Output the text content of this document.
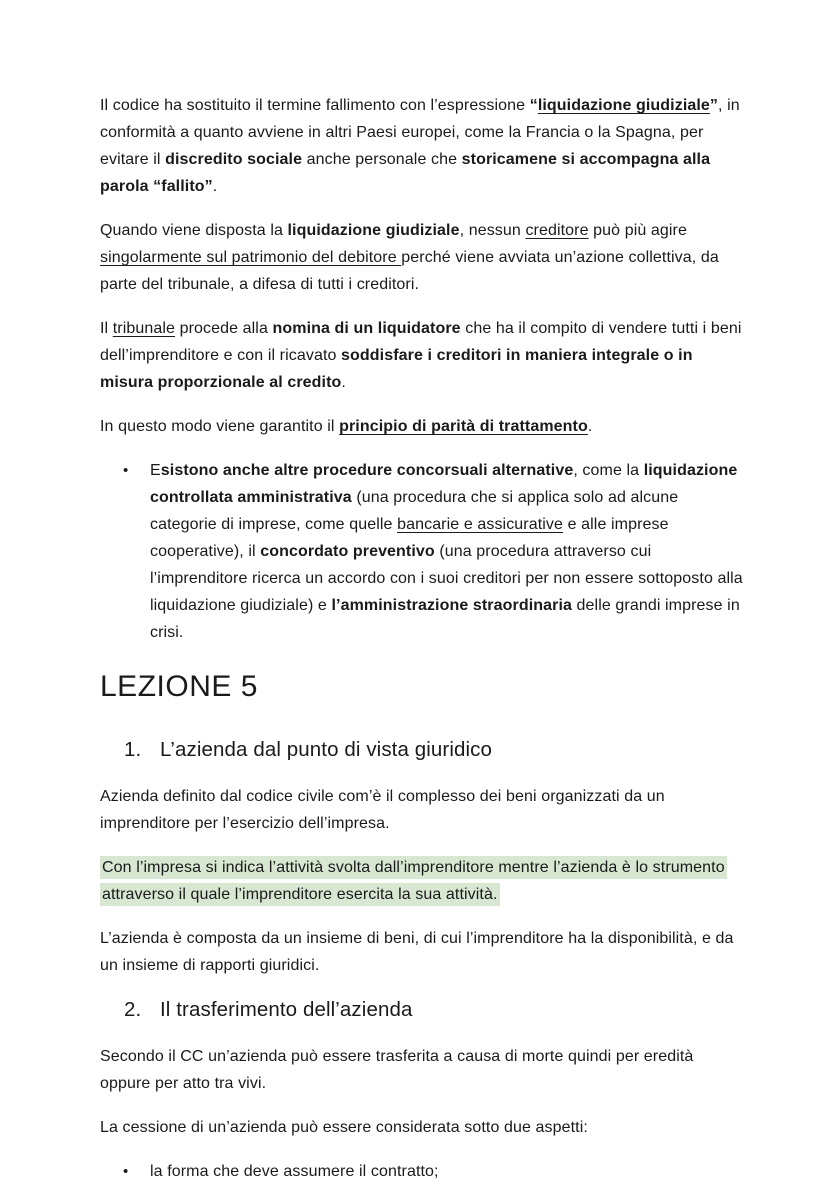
Il codice ha sostituito il termine fallimento con l’espressione “liquidazione giudiziale”, in conformità a quanto avviene in altri Paesi europei, come la Francia o la Spagna, per evitare il discredito sociale anche personale che storicamene si accompagna alla parola “fallito”.

Quando viene disposta la liquidazione giudiziale, nessun creditore può più agire singolarmente sul patrimonio del debitore perché viene avviata un’azione collettiva, da parte del tribunale, a difesa di tutti i creditori.

Il tribunale procede alla nomina di un liquidatore che ha il compito di vendere tutti i beni dell’imprenditore e con il ricavato soddisfare i creditori in maniera integrale o in misura proporzionale al credito.

In questo modo viene garantito il principio di parità di trattamento.

•	Esistono anche altre procedure concorsuali alternative, come la liquidazione controllata amministrativa (una procedura che si applica solo ad alcune categorie di imprese, come quelle bancarie e assicurative e alle imprese cooperative), il concordato preventivo (una procedura attraverso cui l’imprenditore ricerca un accordo con i suoi creditori per non essere sottoposto alla liquidazione giudiziale) e l’amministrazione straordinaria delle grandi imprese in crisi.
LEZIONE 5
1. L’azienda dal punto di vista giuridico

Azienda definito dal codice civile com’è il complesso dei beni organizzati da un imprenditore per l’esercizio dell’impresa.

Con l’impresa si indica l’attività svolta dall’imprenditore mentre l’azienda è lo strumento attraverso il quale l’imprenditore esercita la sua attività.

L’azienda è composta da un insieme di beni, di cui l’imprenditore ha la disponibilità, e da un insieme di rapporti giuridici.

2. Il trasferimento dell’azienda

Secondo il CC un’azienda può essere trasferita a causa di morte quindi per eredità oppure per atto tra vivi.

La cessione di un’azienda può essere considerata sotto due aspetti:

•	la forma che deve assumere il contratto;
